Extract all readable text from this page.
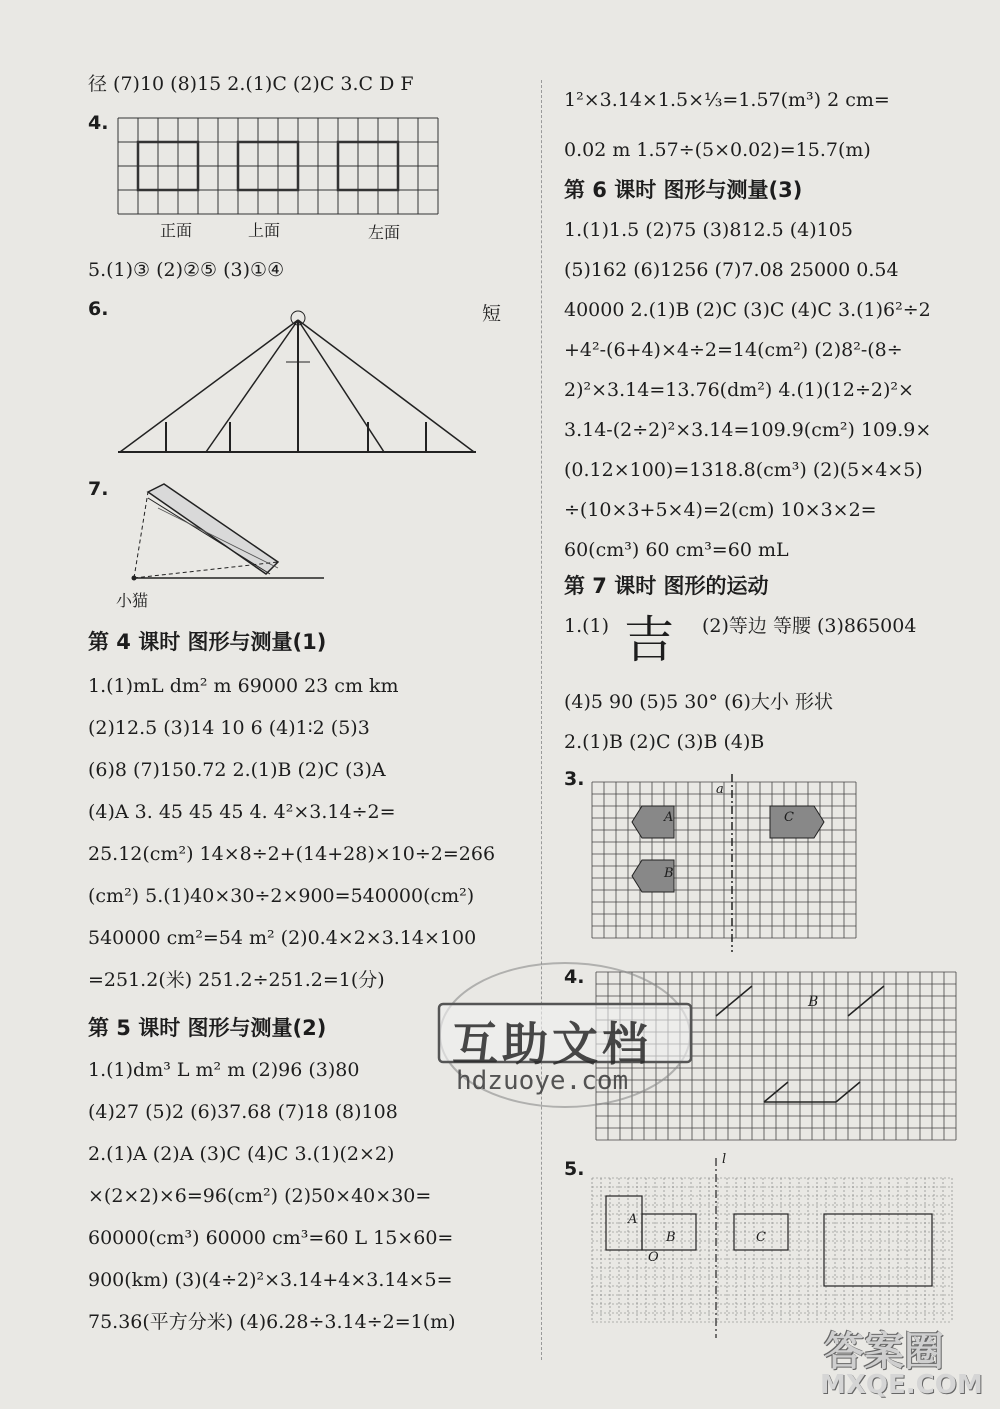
径 (7)10 (8)15 2.(1)C (2)C 3.C D F
4.
正面	上面	左面
5.(1)③ (2)②⑤ (3)①④
6.	短
7.
小猫
第 4 课时 图形与测量(1)
1.(1)mL dm² m 69000 23 cm km
(2)12.5 (3)14 10 6 (4)1∶2 (5)3
(6)8 (7)150.72 2.(1)B (2)C (3)A
(4)A 3. 45 45 45 4. 4²×3.14÷2=
25.12(cm²) 14×8÷2+(14+28)×10÷2=266
(cm²) 5.(1)40×30÷2×900=540000(cm²)
540000 cm²=54 m² (2)0.4×2×3.14×100
=251.2(米) 251.2÷251.2=1(分)
第 5 课时 图形与测量(2)
1.(1)dm³ L m² m (2)96 (3)80
(4)27 (5)2 (6)37.68 (7)18 (8)108
2.(1)A (2)A (3)C (4)C 3.(1)(2×2)
×(2×2)×6=96(cm²) (2)50×40×30=
60000(cm³) 60000 cm³=60 L 15×60=
900(km) (3)(4÷2)²×3.14+4×3.14×5=
75.36(平方分米) (4)6.28÷3.14÷2=1(m)
1²×3.14×1.5×⅓=1.57(m³) 2 cm=
0.02 m 1.57÷(5×0.02)=15.7(m)
第 6 课时 图形与测量(3)
1.(1)1.5 (2)75 (3)812.5 (4)105
(5)162 (6)1256 (7)7.08 25000 0.54
40000 2.(1)B (2)C (3)C (4)C 3.(1)6²÷2
+4²-(6+4)×4÷2=14(cm²) (2)8²-(8÷
2)²×3.14=13.76(dm²) 4.(1)(12÷2)²×
3.14-(2÷2)²×3.14=109.9(cm²) 109.9×
(0.12×100)=1318.8(cm³) (2)(5×4×5)
÷(10×3+5×4)=2(cm) 10×3×2=
60(cm³) 60 cm³=60 mL
第 7 课时 图形的运动
1.(1) 吉 (2)等边 等腰 (3)865004
(4)5 90 (5)5 30° (6)大小 形状
2.(1)B (2)C (3)B (4)B
3.	a
A	C
B
4.
B
5.	l
A
B	C
O
互助文档
hdzuoye.com
答案圈
MXQE.COM
